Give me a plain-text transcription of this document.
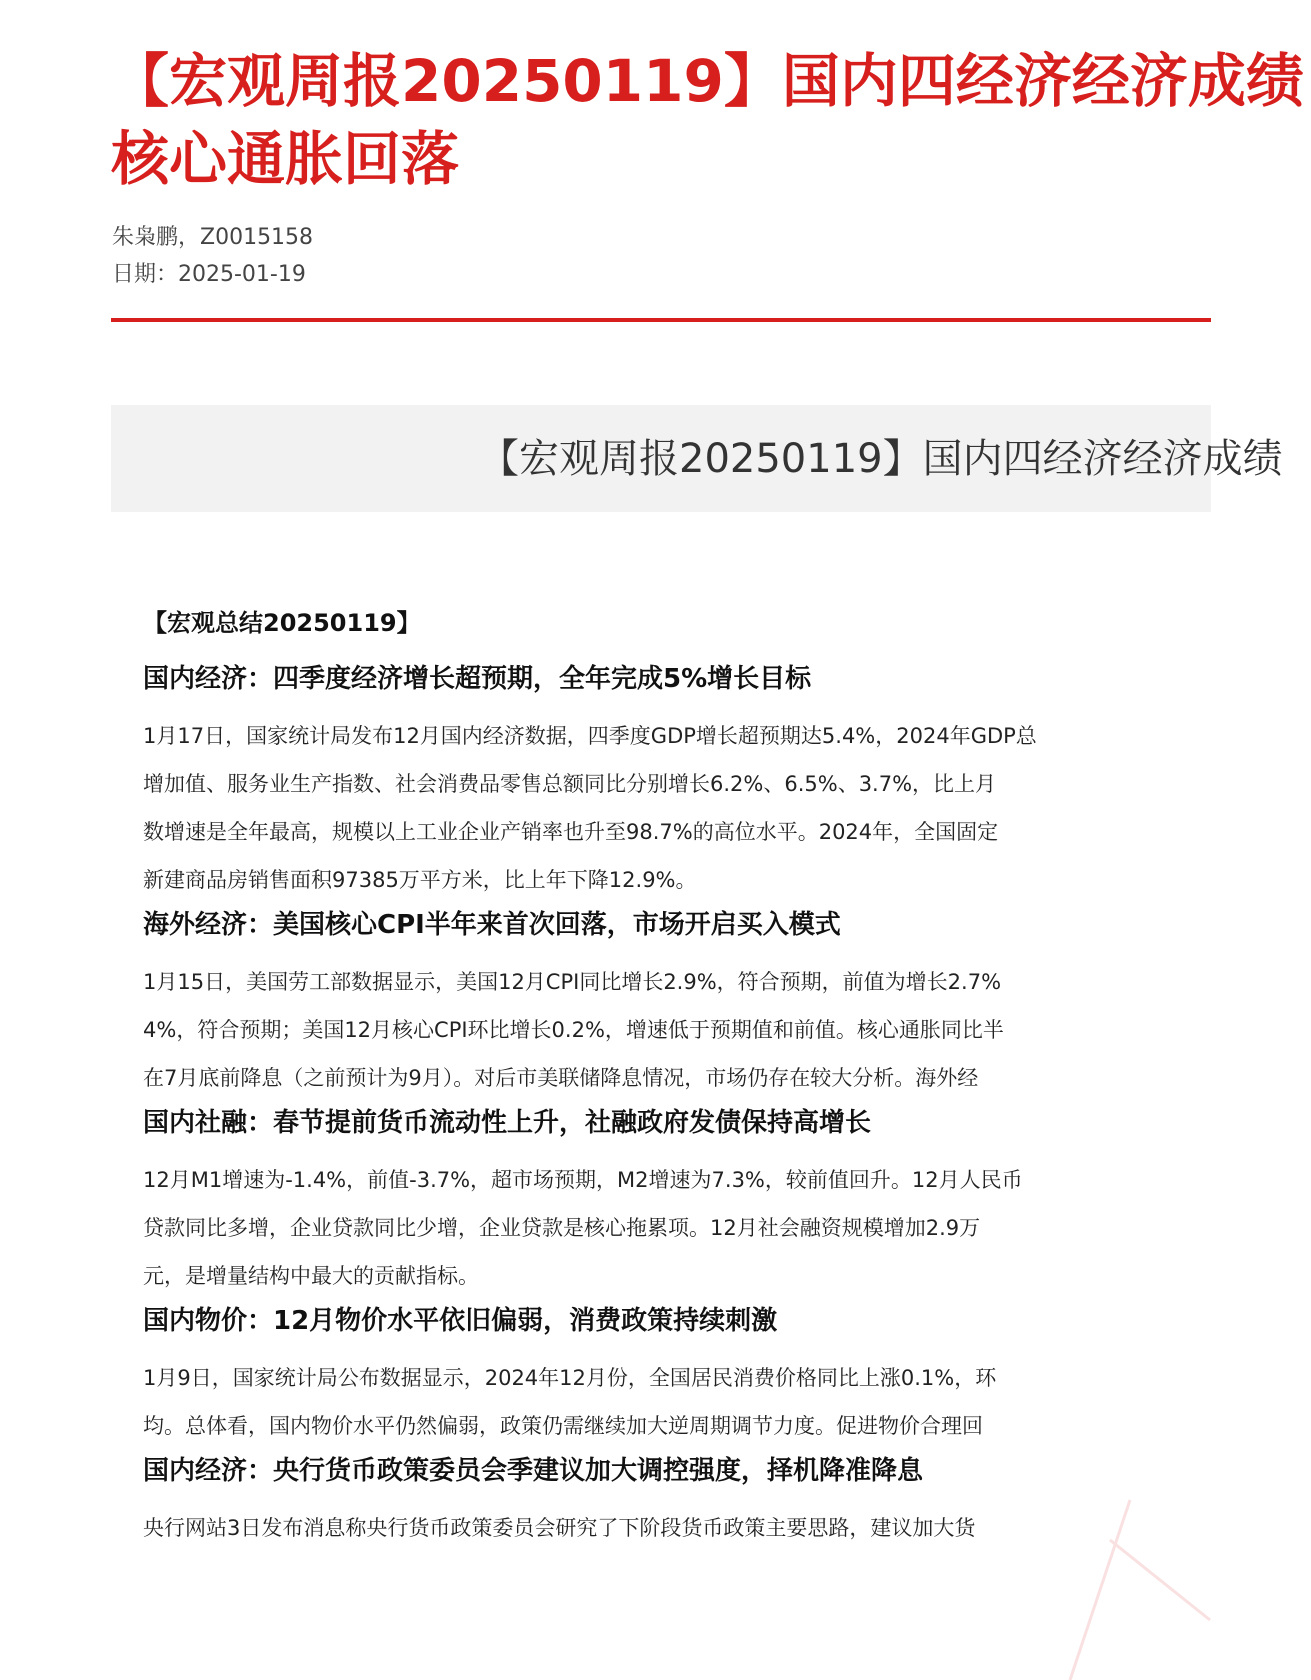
【宏观周报20250119】国内四经济经济成绩
核心通胀回落
朱枭鹏，Z0015158
日期：2025-01-19
【宏观周报20250119】国内四经济经济成绩
【宏观总结20250119】
国内经济：四季度经济增长超预期，全年完成5%增长目标
1月17日，国家统计局发布12月国内经济数据，四季度GDP增长超预期达5.4%，2024年GDP总
增加值、服务业生产指数、社会消费品零售总额同比分别增长6.2%、6.5%、3.7%，比上月
数增速是全年最高，规模以上工业企业产销率也升至98.7%的高位水平。2024年，全国固定
新建商品房销售面积97385万平方米，比上年下降12.9%。
海外经济：美国核心CPI半年来首次回落，市场开启买入模式
1月15日，美国劳工部数据显示，美国12月CPI同比增长2.9%，符合预期，前值为增长2.7%
4%，符合预期；美国12月核心CPI环比增长0.2%，增速低于预期值和前值。核心通胀同比半
在7月底前降息（之前预计为9月）。对后市美联储降息情况，市场仍存在较大分析。海外经
国内社融：春节提前货币流动性上升，社融政府发债保持高增长
12月M1增速为-1.4%，前值-3.7%，超市场预期，M2增速为7.3%，较前值回升。12月人民币
贷款同比多增，企业贷款同比少增，企业贷款是核心拖累项。12月社会融资规模增加2.9万
元，是增量结构中最大的贡献指标。
国内物价：12月物价水平依旧偏弱，消费政策持续刺激
1月9日，国家统计局公布数据显示，2024年12月份，全国居民消费价格同比上涨0.1%，环
均。总体看，国内物价水平仍然偏弱，政策仍需继续加大逆周期调节力度。促进物价合理回
国内经济：央行货币政策委员会季建议加大调控强度，择机降准降息
央行网站3日发布消息称央行货币政策委员会研究了下阶段货币政策主要思路，建议加大货
